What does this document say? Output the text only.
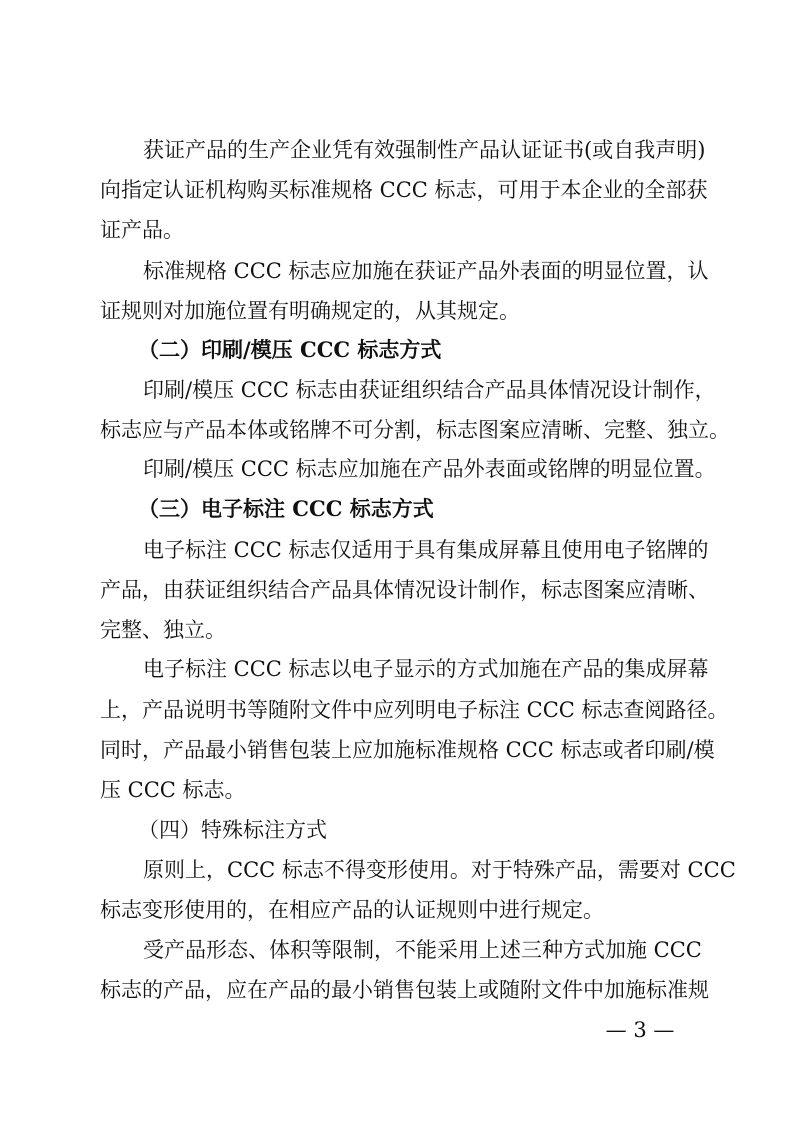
获证产品的生产企业凭有效强制性产品认证证书(或自我声明)
向指定认证机构购买标准规格 CCC 标志，可用于本企业的全部获
证产品。
标准规格 CCC 标志应加施在获证产品外表面的明显位置，认
证规则对加施位置有明确规定的，从其规定。
（二）印刷/模压 CCC 标志方式
印刷/模压 CCC 标志由获证组织结合产品具体情况设计制作，
标志应与产品本体或铭牌不可分割，标志图案应清晰、完整、独立。
印刷/模压 CCC 标志应加施在产品外表面或铭牌的明显位置。
（三）电子标注 CCC 标志方式
电子标注 CCC 标志仅适用于具有集成屏幕且使用电子铭牌的
产品，由获证组织结合产品具体情况设计制作，标志图案应清晰、
完整、独立。
电子标注 CCC 标志以电子显示的方式加施在产品的集成屏幕
上，产品说明书等随附文件中应列明电子标注 CCC 标志查阅路径。
同时，产品最小销售包装上应加施标准规格 CCC 标志或者印刷/模
压 CCC 标志。
（四）特殊标注方式
原则上，CCC 标志不得变形使用。对于特殊产品，需要对 CCC
标志变形使用的，在相应产品的认证规则中进行规定。
受产品形态、体积等限制，不能采用上述三种方式加施 CCC
标志的产品，应在产品的最小销售包装上或随附文件中加施标准规
— 3 —
